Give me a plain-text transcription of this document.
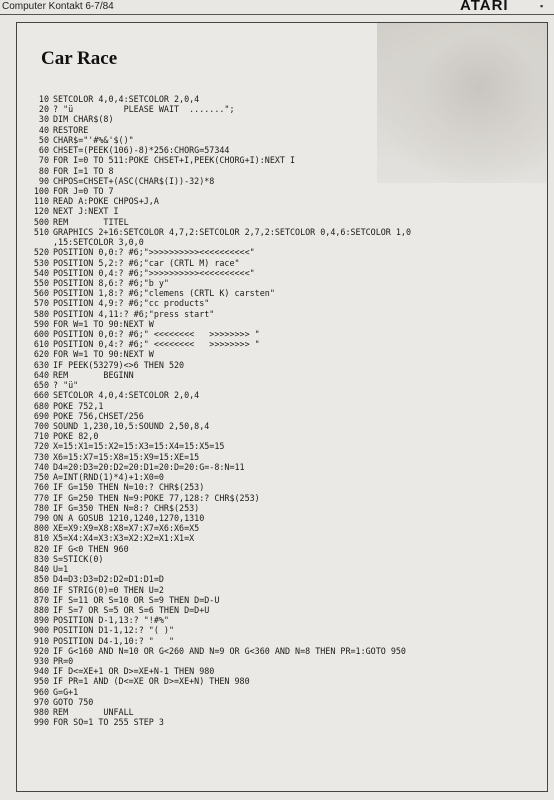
Computer Kontakt 6-7/84	ATARI	▪
Car Race
10 SETCOLOR 4,0,4:SETCOLOR 2,0,4
20 ? "ü          PLEASE WAIT  .......";
30 DIM CHAR$(8)
40 RESTORE
50 CHAR$="'#%&'$()"
60 CHSET=(PEEK(106)-8)*256:CHORG=57344
70 FOR I=0 TO 511:POKE CHSET+I,PEEK(CHORG+I):NEXT I
80 FOR I=1 TO 8
90 CHPOS=CHSET+(ASC(CHAR$(I))-32)*8
100 FOR J=0 TO 7
110 READ A:POKE CHPOS+J,A
120 NEXT J:NEXT I
500 REM       TITEL
510 GRAPHICS 2+16:SETCOLOR 4,7,2:SETCOLOR 2,7,2:SETCOLOR 0,4,6:SETCOLOR 1,0
,15:SETCOLOR 3,0,0
520 POSITION 0,0:? #6;">>>>>>>>>><<<<<<<<<<"
530 POSITION 5,2:? #6;"car (CRTL M) race"
540 POSITION 0,4:? #6;">>>>>>>>>><<<<<<<<<<"
550 POSITION 8,6:? #6;"b y"
560 POSITION 1,8:? #6;"clemens (CRTL K) carsten"
570 POSITION 4,9:? #6;"cc products"
580 POSITION 4,11:? #6;"press start"
590 FOR W=1 TO 90:NEXT W
600 POSITION 0,0:? #6;" <<<<<<<<   >>>>>>>> "
610 POSITION 0,4:? #6;" <<<<<<<<   >>>>>>>> "
620 FOR W=1 TO 90:NEXT W
630 IF PEEK(53279)<>6 THEN 520
640 REM       BEGINN
650 ? "ü"
660 SETCOLOR 4,0,4:SETCOLOR 2,0,4
680 POKE 752,1
690 POKE 756,CHSET/256
700 SOUND 1,230,10,5:SOUND 2,50,8,4
710 POKE 82,0
720 X=15:X1=15:X2=15:X3=15:X4=15:X5=15
730 X6=15:X7=15:X8=15:X9=15:XE=15
740 D4=20:D3=20:D2=20:D1=20:D=20:G=-8:N=11
750 A=INT(RND(1)*4)+1:X0=0
760 IF G=150 THEN N=10:? CHR$(253)
770 IF G=250 THEN N=9:POKE 77,128:? CHR$(253)
780 IF G=350 THEN N=8:? CHR$(253)
790 ON A GOSUB 1210,1240,1270,1310
800 XE=X9:X9=X8:X8=X7:X7=X6:X6=X5
810 X5=X4:X4=X3:X3=X2:X2=X1:X1=X
820 IF G<0 THEN 960
830 S=STICK(0)
840 U=1
850 D4=D3:D3=D2:D2=D1:D1=D
860 IF STRIG(0)=0 THEN U=2
870 IF S=11 OR S=10 OR S=9 THEN D=D-U
880 IF S=7 OR S=5 OR S=6 THEN D=D+U
890 POSITION D-1,13:? "!#%"
900 POSITION D1-1,12:? "( )"
910 POSITION D4-1,10:? "   "
920 IF G<160 AND N=10 OR G<260 AND N=9 OR G<360 AND N=8 THEN PR=1:GOTO 950
930 PR=0
940 IF D<=XE+1 OR D>=XE+N-1 THEN 980
950 IF PR=1 AND (D<=XE OR D>=XE+N) THEN 980
960 G=G+1
970 GOTO 750
980 REM       UNFALL
990 FOR SO=1 TO 255 STEP 3
